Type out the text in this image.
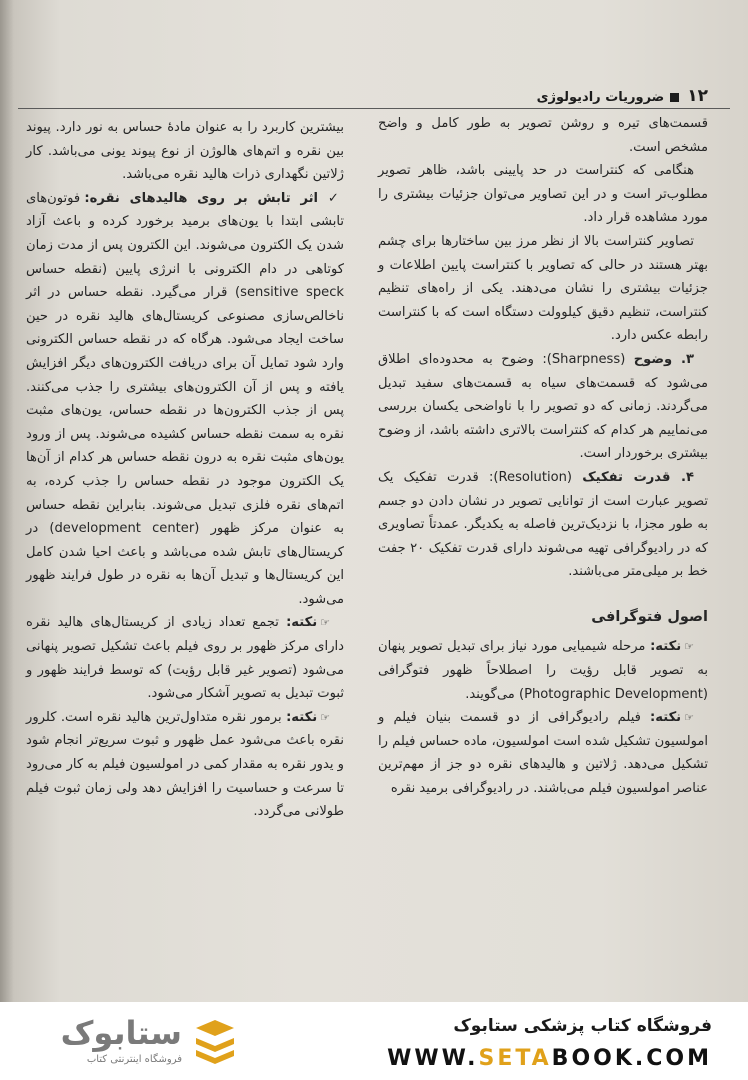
۱۲ضروریات رادیولوژی

قسمت‌های تیره و روشن تصویر به طور کامل و واضح مشخص است.

هنگامی که کنتراست در حد پایینی باشد، ظاهر تصویر مطلوب‌تر است و در این تصاویر می‌توان جزئیات بیشتری را مورد مشاهده قرار داد.

تصاویر کنتراست بالا از نظر مرز بین ساختارها برای چشم بهتر هستند در حالی که تصاویر با کنتراست پایین اطلاعات و جزئیات بیشتری را نشان می‌دهند. یکی از راه‌های تنظیم کنتراست، تنظیم دقیق کیلوولت دستگاه است که با کنتراست رابطه عکس دارد.

۳. وضوح (Sharpness): وضوح به محدوده‌ای اطلاق می‌شود که قسمت‌های سیاه به قسمت‌های سفید تبدیل می‌گردند. زمانی که دو تصویر را با ناواضحی یکسان بررسی می‌نماییم هر کدام که کنتراست بالاتری داشته باشد، از وضوح بیشتری برخوردار است.

۴. قدرت تفکیک (Resolution): قدرت تفکیک یک تصویر عبارت است از توانایی تصویر در نشان دادن دو جسم به طور مجزا، با نزدیک‌ترین فاصله به یکدیگر. عمدتاً تصاویری که در رادیوگرافی تهیه می‌شوند دارای قدرت تفکیک ۲۰ جفت خط بر میلی‌متر می‌باشند.

اصول فتوگرافی

☞نکته: مرحله شیمیایی مورد نیاز برای تبدیل تصویر پنهان به تصویر قابل رؤیت را اصطلاحاً ظهور فتوگرافی (Photographic Development) می‌گویند.

☞نکته: فیلم رادیوگرافی از دو قسمت بنیان فیلم و امولسیون تشکیل شده است امولسیون، ماده حساس فیلم را تشکیل می‌دهد. ژلاتین و هالیدهای نقره دو جز از مهم‌ترین عناصر امولسیون فیلم می‌باشند. در رادیوگرافی برمید نقره

بیشترین کاربرد را به عنوان مادهٔ حساس به نور دارد. پیوند بین نقره و اتم‌های هالوژن از نوع پیوند یونی می‌باشد. کار ژلاتین نگهداری ذرات هالید نقره می‌باشد.

✓ اثر تابش بر روی هالیدهای نقره: فوتون‌های تابشی ابتدا با یون‌های برمید برخورد کرده و باعث آزاد شدن یک الکترون می‌شوند. این الکترون پس از مدت زمان کوتاهی در دام الکترونی با انرژی پایین (نقطه حساس sensitive speck) قرار می‌گیرد. نقطه حساس در اثر ناخالص‌سازی مصنوعی کریستال‌های هالید نقره در حین ساخت ایجاد می‌شود. هرگاه که در نقطه حساس الکترونی وارد شود تمایل آن برای دریافت الکترون‌های دیگر افزایش یافته و پس از آن الکترون‌های بیشتری را جذب می‌کنند. پس از جذب الکترون‌ها در نقطه حساس، یون‌های مثبت نقره به سمت نقطه حساس کشیده می‌شوند. پس از ورود یون‌های مثبت نقره به درون نقطه حساس هر کدام از آن‌ها یک الکترون موجود در نقطه حساس را جذب کرده، به اتم‌های نقره فلزی تبدیل می‌شوند. بنابراین نقطه حساس به عنوان مرکز ظهور (development center) در کریستال‌های تابش شده می‌باشد و باعث احیا شدن کامل این کریستال‌ها و تبدیل آن‌ها به نقره در طول فرایند ظهور می‌شود.

☞نکته: تجمع تعداد زیادی از کریستال‌های هالید نقره دارای مرکز ظهور بر روی فیلم باعث تشکیل تصویر پنهانی می‌شود (تصویر غیر قابل رؤیت) که توسط فرایند ظهور و ثبوت تبدیل به تصویر آشکار می‌شود.

☞نکته: برمور نقره متداول‌ترین هالید نقره است. کلرور نقره باعث می‌شود عمل ظهور و ثبوت سریع‌تر انجام شود و یدور نقره به مقدار کمی در امولسیون فیلم به کار می‌رود تا سرعت و حساسیت را افزایش دهد ولی زمان ثبوت فیلم طولانی می‌گردد.

ستابوک
فروشگاه اینترنتی کتاب
فروشگاه کتاب پزشکی ستابوک
WWW.SETABOOK.COM
